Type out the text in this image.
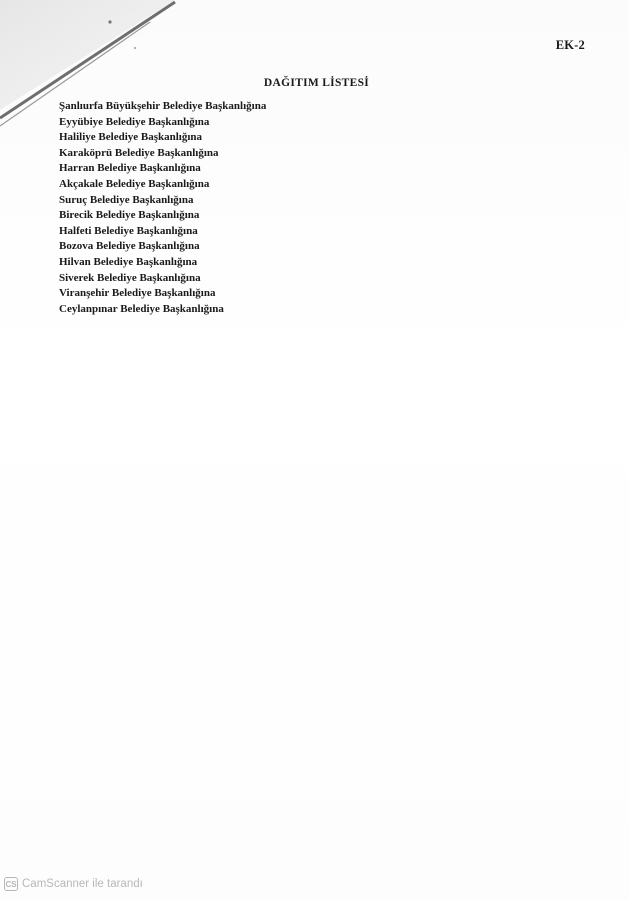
EK-2
DAĞITIM LİSTESİ
Şanlıurfa Büyükşehir Belediye Başkanlığına
Eyyübiye Belediye Başkanlığına
Haliliye Belediye Başkanlığına
Karaköprü Belediye Başkanlığına
Harran Belediye Başkanlığına
Akçakale Belediye Başkanlığına
Suruç Belediye Başkanlığına
Birecik Belediye Başkanlığına
Halfeti Belediye Başkanlığına
Bozova Belediye Başkanlığına
Hilvan Belediye Başkanlığına
Siverek Belediye Başkanlığına
Viranşehir Belediye Başkanlığına
Ceylanpınar Belediye Başkanlığına
CS CamScanner ile tarandı
